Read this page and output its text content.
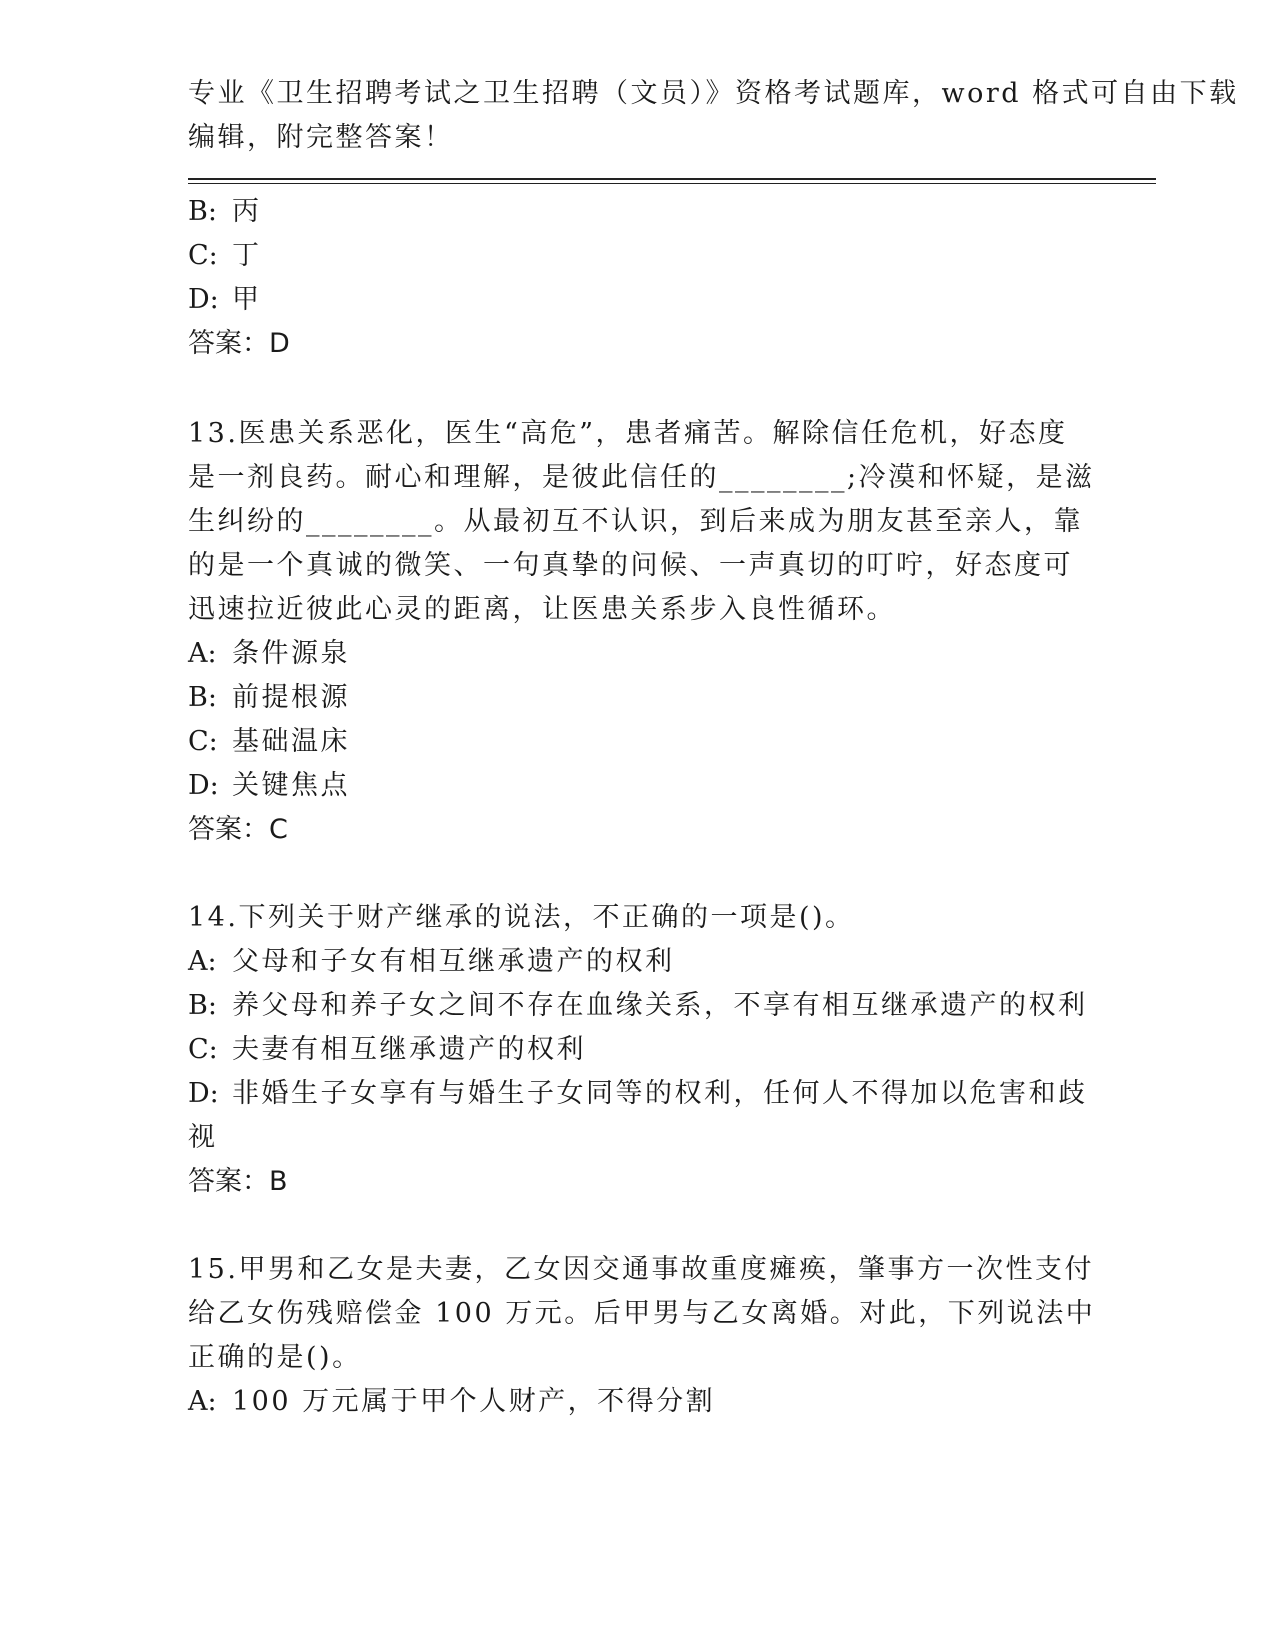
专业《卫生招聘考试之卫生招聘（文员）》资格考试题库，word 格式可自由下载
编辑，附完整答案！
B: 丙
C: 丁
D: 甲
答案：D
13.医患关系恶化，医生“高危”，患者痛苦。解除信任危机，好态度
是一剂良药。耐心和理解，是彼此信任的________;冷漠和怀疑，是滋
生纠纷的________。从最初互不认识，到后来成为朋友甚至亲人，靠
的是一个真诚的微笑、一句真挚的问候、一声真切的叮咛，好态度可
迅速拉近彼此心灵的距离，让医患关系步入良性循环。
A: 条件源泉
B: 前提根源
C: 基础温床
D: 关键焦点
答案：C
14.下列关于财产继承的说法，不正确的一项是()。
A: 父母和子女有相互继承遗产的权利
B: 养父母和养子女之间不存在血缘关系，不享有相互继承遗产的权利
C: 夫妻有相互继承遗产的权利
D: 非婚生子女享有与婚生子女同等的权利，任何人不得加以危害和歧
视
答案：B
15.甲男和乙女是夫妻，乙女因交通事故重度瘫痪，肇事方一次性支付
给乙女伤残赔偿金 100 万元。后甲男与乙女离婚。对此，下列说法中
正确的是()。
A: 100 万元属于甲个人财产，不得分割
